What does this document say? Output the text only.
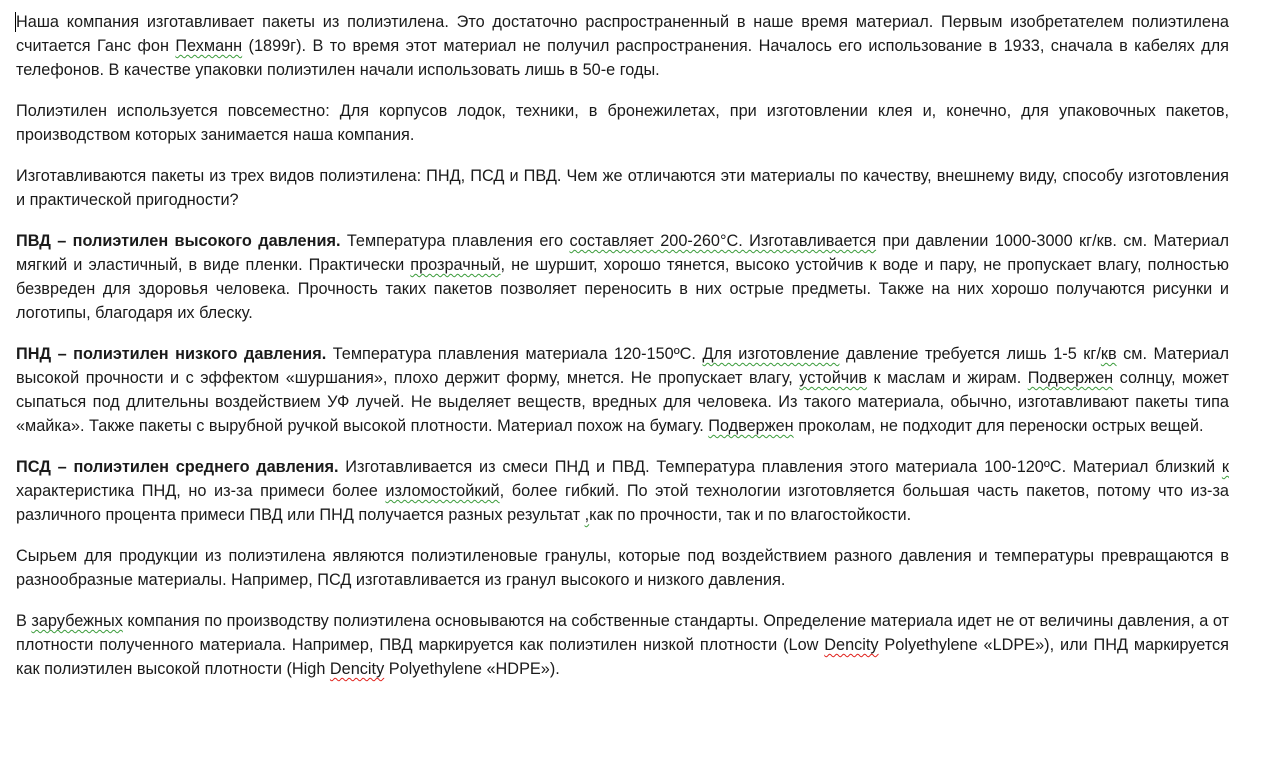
Наша компания изготавливает пакеты из полиэтилена. Это достаточно распространенный в наше время материал. Первым изобретателем полиэтилена считается Ганс фон Пехманн (1899г). В то время этот материал не получил распространения. Началось его использование в 1933, сначала в кабелях для телефонов. В качестве упаковки полиэтилен начали использовать лишь в 50-е годы.

Полиэтилен используется повсеместно: Для корпусов лодок, техники, в бронежилетах, при изготовлении клея и, конечно, для упаковочных пакетов, производством которых занимается наша компания.

Изготавливаются пакеты из трех видов полиэтилена: ПНД, ПСД и ПВД. Чем же отличаются эти материалы по качеству, внешнему виду, способу изготовления и практической пригодности?

ПВД – полиэтилен высокого давления. Температура плавления его составляет 200-260°С. Изготавливается при давлении 1000-3000 кг/кв. см. Материал мягкий и эластичный, в виде пленки. Практически прозрачный, не шуршит, хорошо тянется, высоко устойчив к воде и пару, не пропускает влагу, полностью безвреден для здоровья человека. Прочность таких пакетов позволяет переносить в них острые предметы. Также на них хорошо получаются рисунки и логотипы, благодаря их блеску.

ПНД – полиэтилен низкого давления. Температура плавления материала 120-150ºС. Для изготовление давление требуется лишь 1-5 кг/кв см. Материал высокой прочности и с эффектом «шуршания», плохо держит форму, мнется. Не пропускает влагу, устойчив к маслам и жирам. Подвержен солнцу, может сыпаться под длительны воздействием УФ лучей. Не выделяет веществ, вредных для человека. Из такого материала, обычно, изготавливают пакеты типа «майка». Также пакеты с вырубной ручкой высокой плотности. Материал похож на бумагу. Подвержен проколам, не подходит для переноски острых вещей.

ПСД – полиэтилен среднего давления. Изготавливается из смеси ПНД и ПВД. Температура плавления этого материала 100-120ºС. Материал близкий к характеристика ПНД, но из-за примеси более изломостойкий, более гибкий. По этой технологии изготовляется большая часть пакетов, потому что из-за различного процента примеси ПВД или ПНД получается разных результат ,как по прочности, так и по влагостойкости.

Сырьем для продукции из полиэтилена являются полиэтиленовые гранулы, которые под воздействием разного давления и температуры превращаются в разнообразные материалы. Например, ПСД изготавливается из гранул высокого и низкого давления.

В зарубежных компания по производству полиэтилена основываются на собственные стандарты. Определение материала идет не от величины давления, а от плотности полученного материала. Например, ПВД маркируется как полиэтилен низкой плотности (Low Dencity Polyethylene «LDPE»), или ПНД маркируется как полиэтилен высокой плотности (High Dencity Polyethylene «HDPE»).
